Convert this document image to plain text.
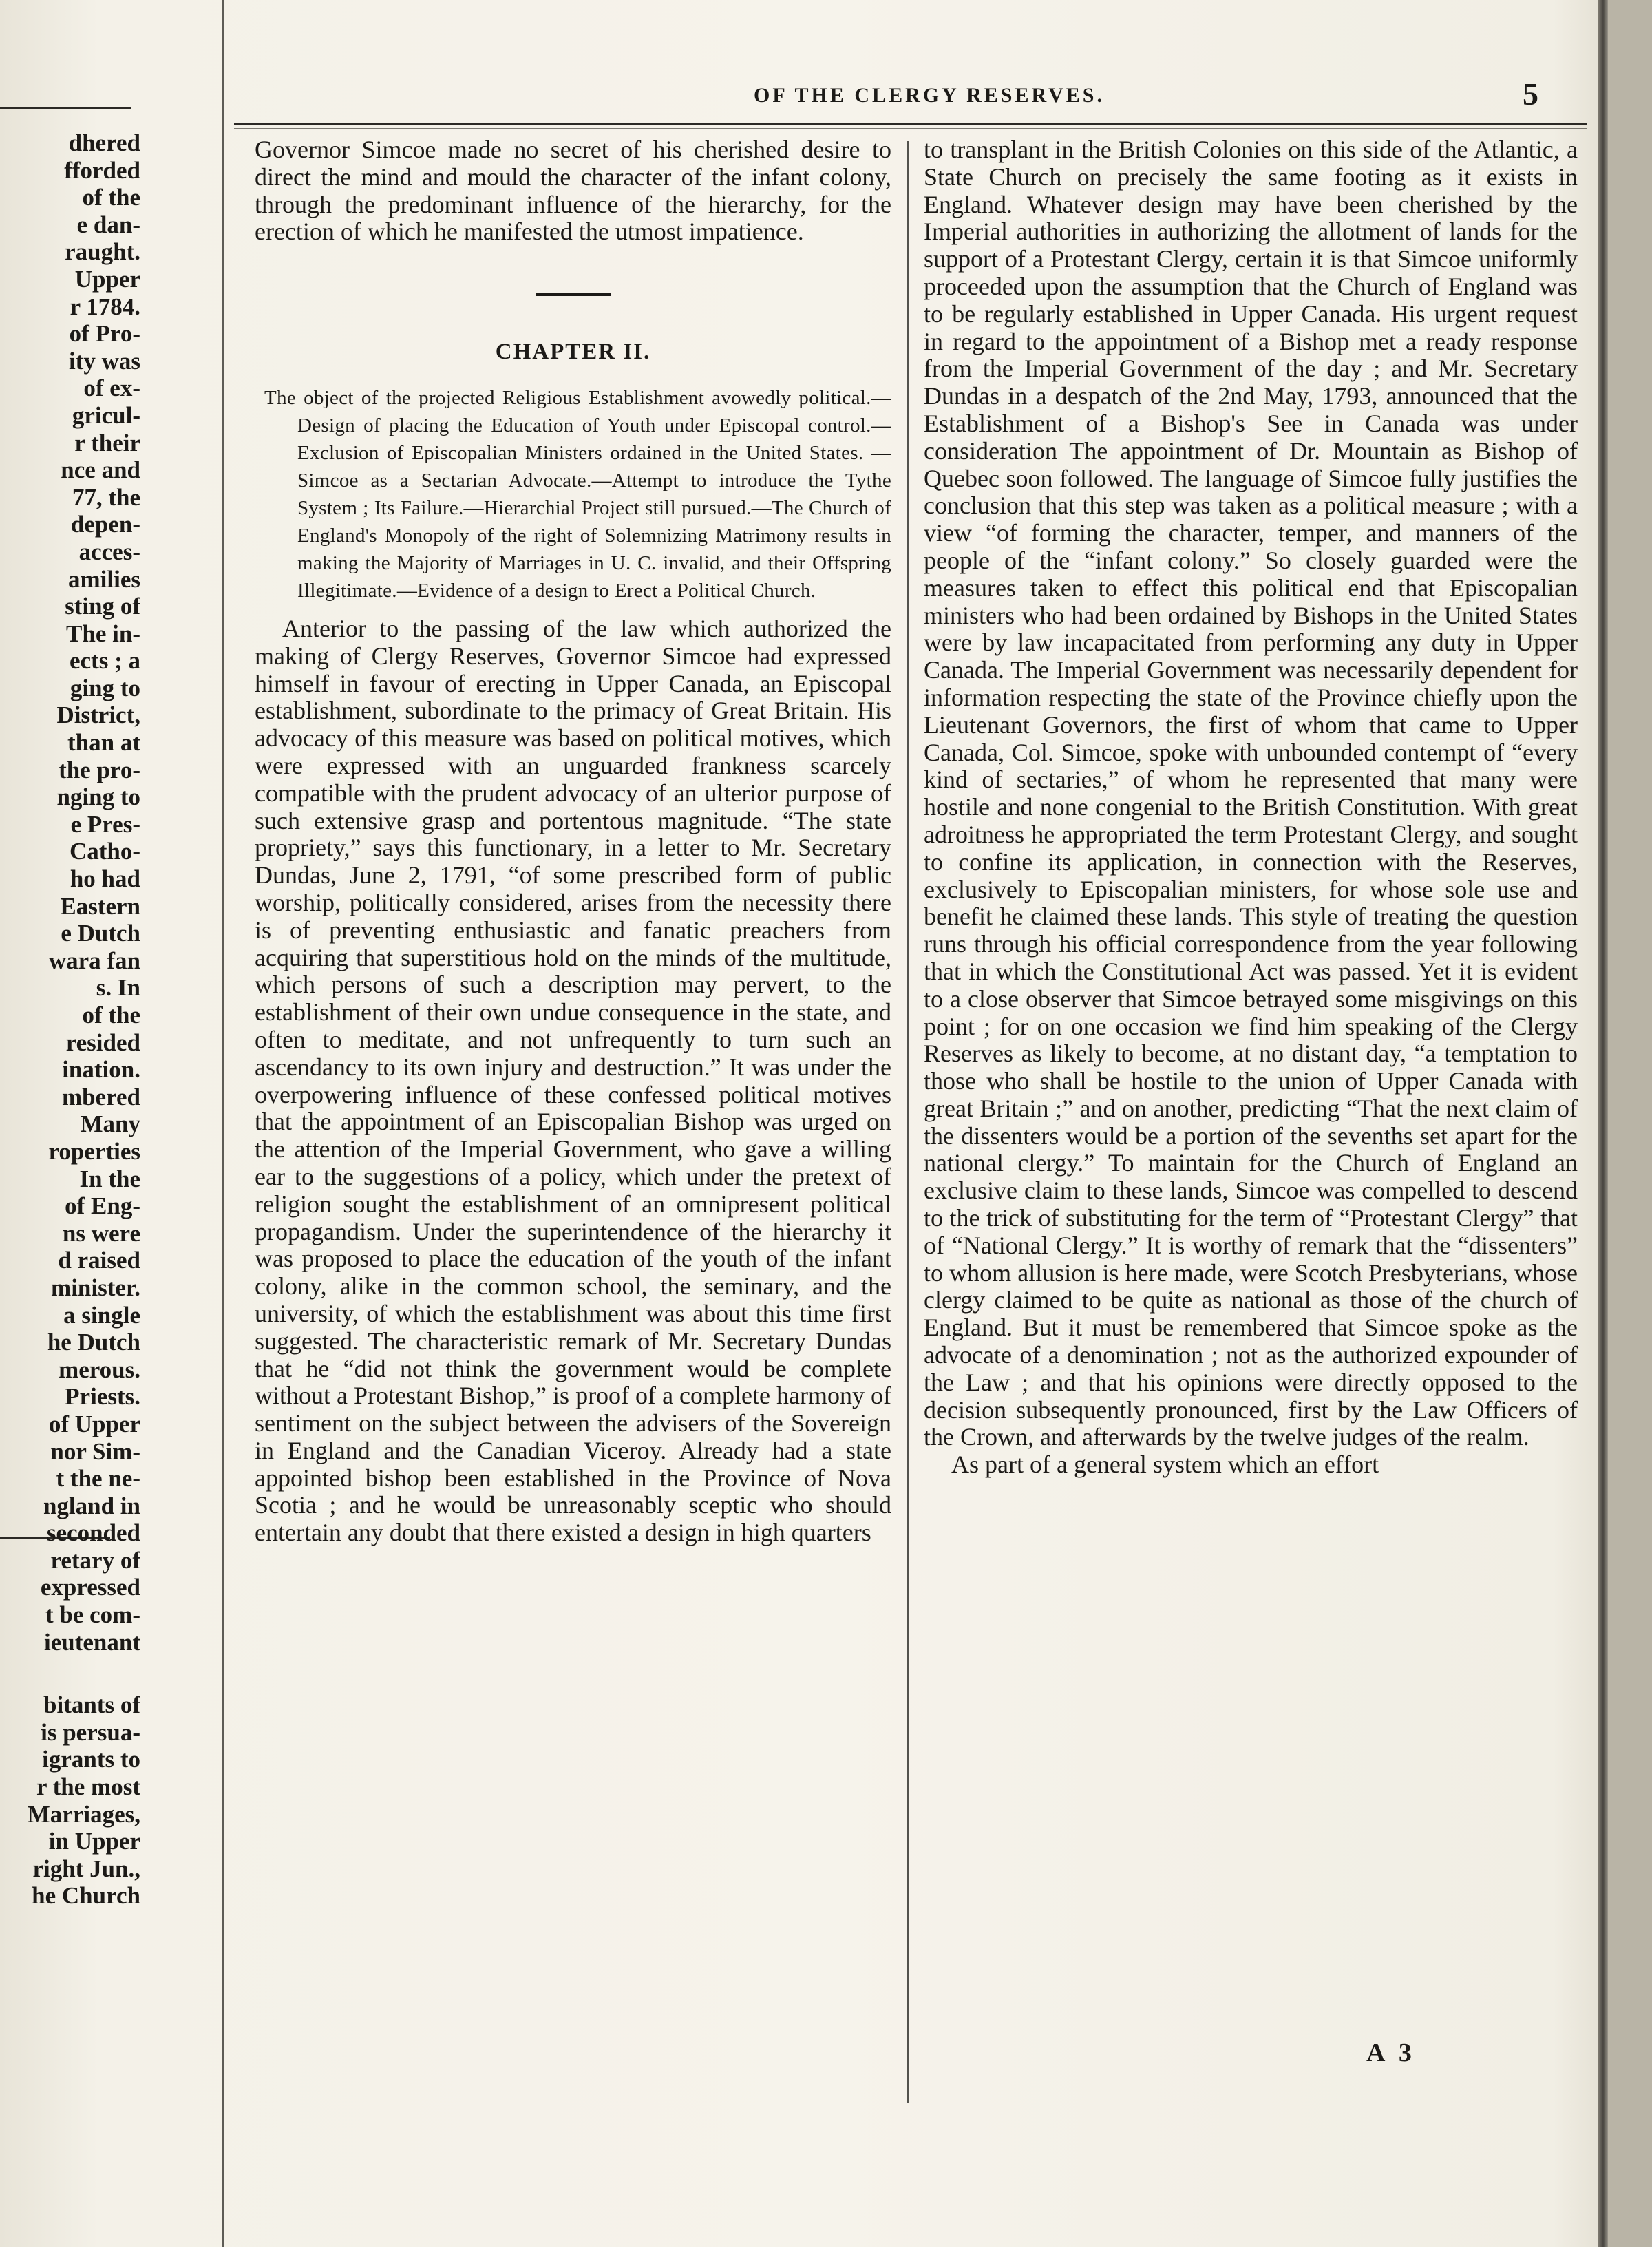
OF THE CLERGY RESERVES.	5
dhered
fforded
of the
e dan-
raught.
Upper
r 1784.
of Pro-
ity was
of ex-
gricul-
r their
nce and
77, the
depen-
acces-
amilies
sting of
The in-
ects ; a
ging to
District,
than at
the pro-
nging to
e Pres-
Catho-
ho had
Eastern
e Dutch
wara fan
s. In
of the
resided
ination.
mbered
Many
roperties
In the
of Eng-
ns were
d raised
minister.
a single
he Dutch
merous.
Priests.
of Upper
nor Sim-
t the ne-
ngland in
seconded
retary of
expressed
t be com-
ieutenant
bitants of
is persua-
igrants to
r the most
Marriages,
in Upper
right Jun.,
he Church

Governor Simcoe made no secret of his cherished desire to direct the mind and mould the character of the infant colony, through the predominant influence of the hierarchy, for the erection of which he manifested the utmost impatience.

CHAPTER II.
The object of the projected Religious Establishment avowedly political.—Design of placing the Education of Youth under Episcopal control.—Exclusion of Episcopalian Ministers ordained in the United States. —Simcoe as a Sectarian Advocate.—Attempt to introduce the Tythe System ; Its Failure.—Hierarchial Project still pursued.—The Church of England's Monopoly of the right of Solemnizing Matrimony results in making the Majority of Marriages in U. C. invalid, and their Offspring Illegitimate.—Evidence of a design to Erect a Political Church.

Anterior to the passing of the law which authorized the making of Clergy Reserves, Governor Simcoe had expressed himself in favour of erecting in Upper Canada, an Episcopal establishment, subordinate to the primacy of Great Britain. His advocacy of this measure was based on political motives, which were expressed with an unguarded frankness scarcely compatible with the prudent advocacy of an ulterior purpose of such extensive grasp and portentous magnitude. “The state propriety,” says this functionary, in a letter to Mr. Secretary Dundas, June 2, 1791, “of some prescribed form of public worship, politically considered, arises from the necessity there is of preventing enthusiastic and fanatic preachers from acquiring that superstitious hold on the minds of the multitude, which persons of such a description may pervert, to the establishment of their own undue consequence in the state, and often to meditate, and not unfrequently to turn such an ascendancy to its own injury and destruction.” It was under the overpowering influence of these confessed political motives that the appointment of an Episcopalian Bishop was urged on the attention of the Imperial Government, who gave a willing ear to the suggestions of a policy, which under the pretext of religion sought the establishment of an omnipresent political propagandism. Under the superintendence of the hierarchy it was proposed to place the education of the youth of the infant colony, alike in the common school, the seminary, and the university, of which the establishment was about this time first suggested. The characteristic remark of Mr. Secretary Dundas that he “did not think the government would be complete without a Protestant Bishop,” is proof of a complete harmony of sentiment on the subject between the advisers of the Sovereign in England and the Canadian Viceroy. Already had a state appointed bishop been established in the Province of Nova Scotia ; and he would be unreasonably sceptic who should entertain any doubt that there existed a design in high quarters

to transplant in the British Colonies on this side of the Atlantic, a State Church on precisely the same footing as it exists in England. Whatever design may have been cherished by the Imperial authorities in authorizing the allotment of lands for the support of a Protestant Clergy, certain it is that Simcoe uniformly proceeded upon the assumption that the Church of England was to be regularly established in Upper Canada. His urgent request in regard to the appointment of a Bishop met a ready response from the Imperial Government of the day ; and Mr. Secretary Dundas in a despatch of the 2nd May, 1793, announced that the Establishment of a Bishop's See in Canada was under consideration The appointment of Dr. Mountain as Bishop of Quebec soon followed. The language of Simcoe fully justifies the conclusion that this step was taken as a political measure ; with a view “of forming the character, temper, and manners of the people of the “infant colony.” So closely guarded were the measures taken to effect this political end that Episcopalian ministers who had been ordained by Bishops in the United States were by law incapacitated from performing any duty in Upper Canada. The Imperial Government was necessarily dependent for information respecting the state of the Province chiefly upon the Lieutenant Governors, the first of whom that came to Upper Canada, Col. Simcoe, spoke with unbounded contempt of “every kind of sectaries,” of whom he represented that many were hostile and none congenial to the British Constitution. With great adroitness he appropriated the term Protestant Clergy, and sought to confine its application, in connection with the Reserves, exclusively to Episcopalian ministers, for whose sole use and benefit he claimed these lands. This style of treating the question runs through his official correspondence from the year following that in which the Constitutional Act was passed. Yet it is evident to a close observer that Simcoe betrayed some misgivings on this point ; for on one occasion we find him speaking of the Clergy Reserves as likely to become, at no distant day, “a temptation to those who shall be hostile to the union of Upper Canada with great Britain ;” and on another, predicting “That the next claim of the dissenters would be a portion of the sevenths set apart for the national clergy.” To maintain for the Church of England an exclusive claim to these lands, Simcoe was compelled to descend to the trick of substituting for the term of “Protestant Clergy” that of “National Clergy.” It is worthy of remark that the “dissenters” to whom allusion is here made, were Scotch Presbyterians, whose clergy claimed to be quite as national as those of the church of England. But it must be remembered that Simcoe spoke as the advocate of a denomination ; not as the authorized expounder of the Law ; and that his opinions were directly opposed to the decision subsequently pronounced, first by the Law Officers of the Crown, and afterwards by the twelve judges of the realm.

As part of a general system which an effort

A 3
